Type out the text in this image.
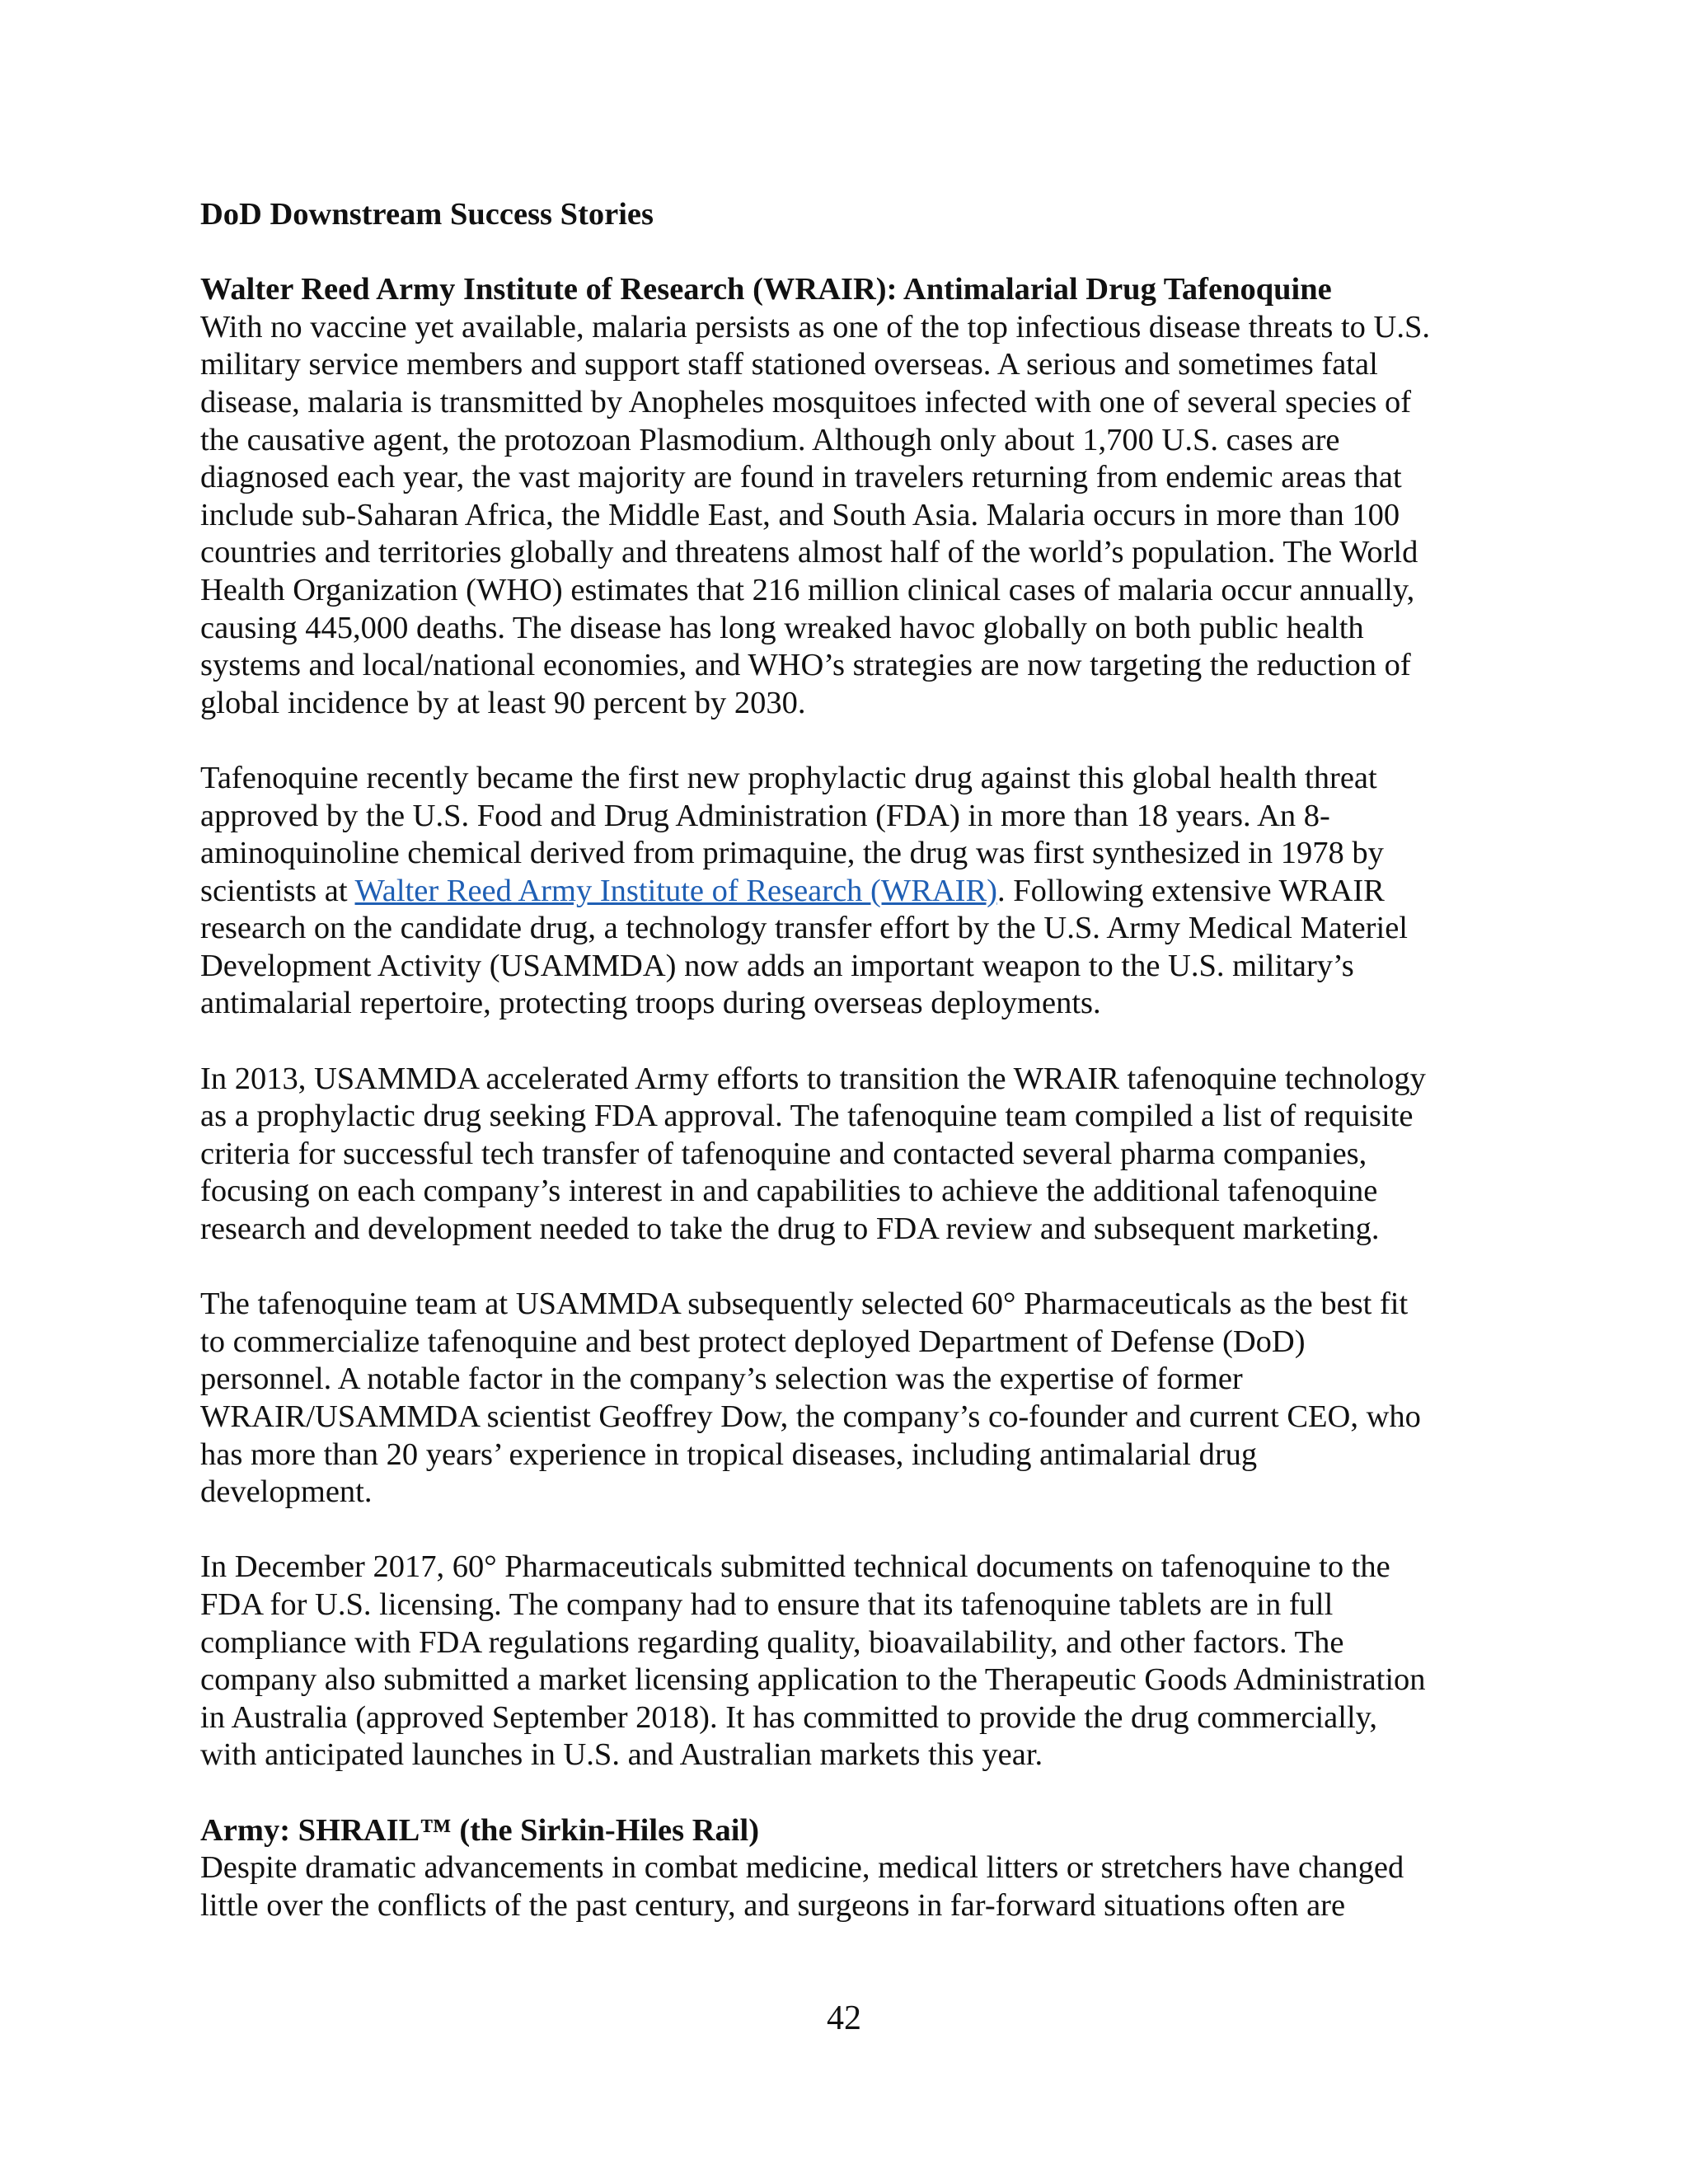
DoD Downstream Success Stories

Walter Reed Army Institute of Research (WRAIR): Antimalarial Drug Tafenoquine

With no vaccine yet available, malaria persists as one of the top infectious disease threats to U.S.
military service members and support staff stationed overseas. A serious and sometimes fatal
disease, malaria is transmitted by Anopheles mosquitoes infected with one of several species of
the causative agent, the protozoan Plasmodium. Although only about 1,700 U.S. cases are
diagnosed each year, the vast majority are found in travelers returning from endemic areas that
include sub-Saharan Africa, the Middle East, and South Asia. Malaria occurs in more than 100
countries and territories globally and threatens almost half of the world’s population. The World
Health Organization (WHO) estimates that 216 million clinical cases of malaria occur annually,
causing 445,000 deaths. The disease has long wreaked havoc globally on both public health
systems and local/national economies, and WHO’s strategies are now targeting the reduction of
global incidence by at least 90 percent by 2030.

Tafenoquine recently became the first new prophylactic drug against this global health threat
approved by the U.S. Food and Drug Administration (FDA) in more than 18 years. An 8-
aminoquinoline chemical derived from primaquine, the drug was first synthesized in 1978 by
scientists at Walter Reed Army Institute of Research (WRAIR). Following extensive WRAIR
research on the candidate drug, a technology transfer effort by the U.S. Army Medical Materiel
Development Activity (USAMMDA) now adds an important weapon to the U.S. military’s
antimalarial repertoire, protecting troops during overseas deployments.

In 2013, USAMMDA accelerated Army efforts to transition the WRAIR tafenoquine technology
as a prophylactic drug seeking FDA approval. The tafenoquine team compiled a list of requisite
criteria for successful tech transfer of tafenoquine and contacted several pharma companies,
focusing on each company’s interest in and capabilities to achieve the additional tafenoquine
research and development needed to take the drug to FDA review and subsequent marketing.

The tafenoquine team at USAMMDA subsequently selected 60° Pharmaceuticals as the best fit
to commercialize tafenoquine and best protect deployed Department of Defense (DoD)
personnel. A notable factor in the company’s selection was the expertise of former
WRAIR/USAMMDA scientist Geoffrey Dow, the company’s co-founder and current CEO, who
has more than 20 years’ experience in tropical diseases, including antimalarial drug
development.

In December 2017, 60° Pharmaceuticals submitted technical documents on tafenoquine to the
FDA for U.S. licensing. The company had to ensure that its tafenoquine tablets are in full
compliance with FDA regulations regarding quality, bioavailability, and other factors. The
company also submitted a market licensing application to the Therapeutic Goods Administration
in Australia (approved September 2018). It has committed to provide the drug commercially,
with anticipated launches in U.S. and Australian markets this year.

Army: SHRAIL™ (the Sirkin-Hiles Rail)

Despite dramatic advancements in combat medicine, medical litters or stretchers have changed
little over the conflicts of the past century, and surgeons in far-forward situations often are

42
